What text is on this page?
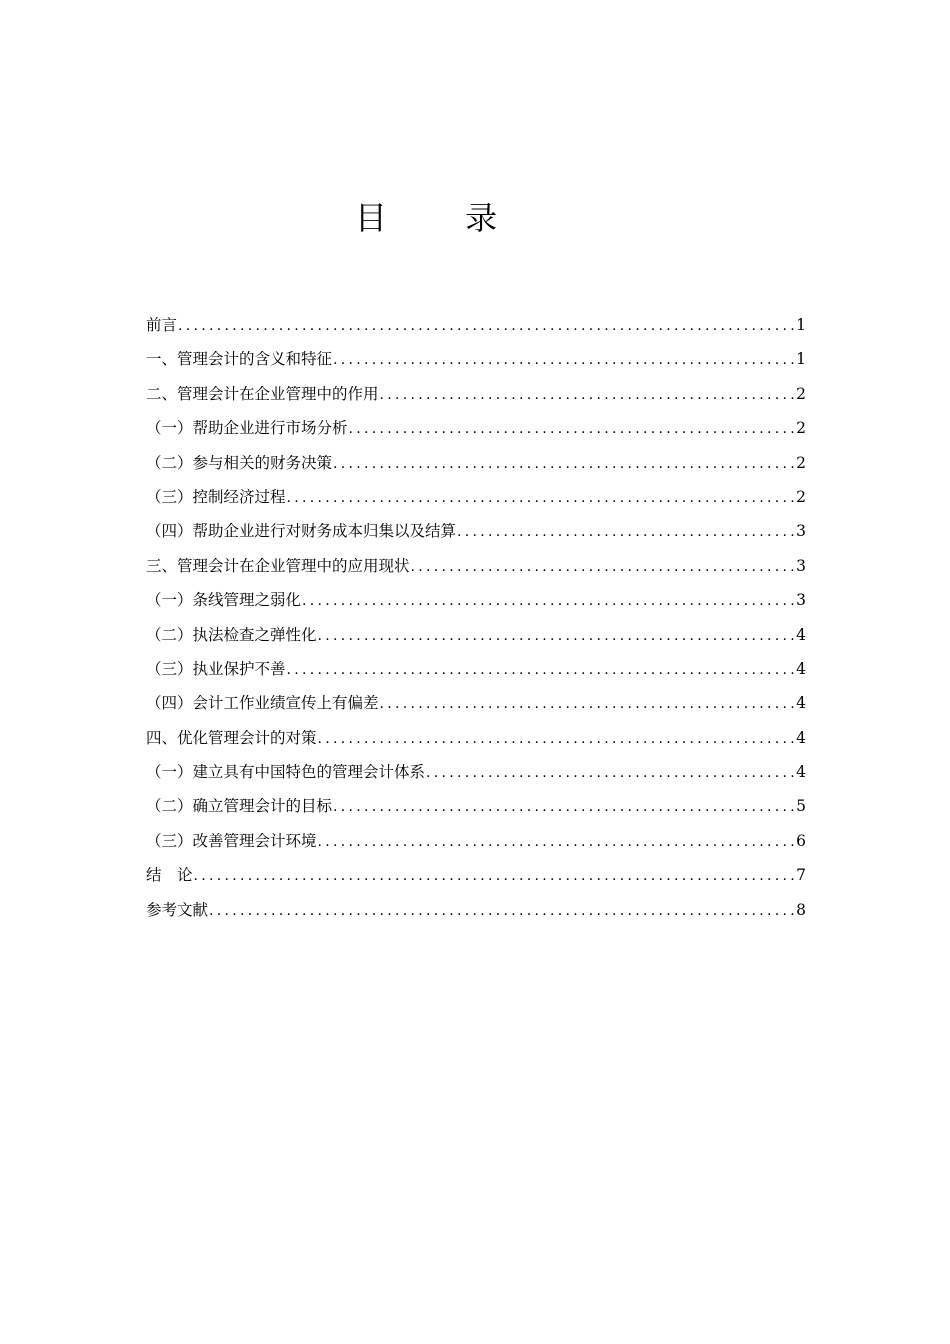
目 录
前言 .....	1
一、管理会计的含义和特征 .....	1
二、管理会计在企业管理中的作用 .....	2
（一）帮助企业进行市场分析 .....	2
（二）参与相关的财务决策 .....	2
（三）控制经济过程 .....	2
（四）帮助企业进行对财务成本归集以及结算 .....	3
三、管理会计在企业管理中的应用现状 .....	3
（一）条线管理之弱化 .....	3
（二）执法检查之弹性化 .....	4
（三）执业保护不善 .....	4
（四）会计工作业绩宣传上有偏差 .....	4
四、优化管理会计的对策 .....	4
（一）建立具有中国特色的管理会计体系 .....	4
（二）确立管理会计的目标 .....	5
（三）改善管理会计环境 .....	6
结　论 .....	7
参考文献 .....	8
